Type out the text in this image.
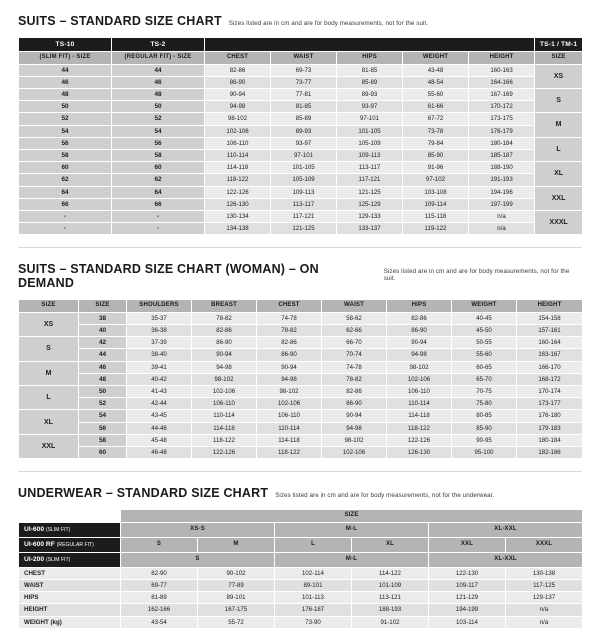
SUITS – STANDARD SIZE CHART Sizes listed are in cm and are for body measurements, not for the suit.
TS-10	TS-2						TS-1 / TM-1
(SLIM FIT) - SIZE	(REGULAR FIT) - SIZE	CHEST	WAIST	HIPS	WEIGHT	HEIGHT	SIZE
44	44	82-86	69-73	81-85	43-48	160-163	XS
46	46	86-90	73-77	85-89	48-54	164-166	
48	48	90-94	77-81	89-93	55-60	167-169	S
50	50	94-98	81-85	93-97	61-66	170-172	
52	52	98-102	85-89	97-101	67-72	173-175	M
54	54	102-106	89-93	101-105	73-78	176-179	
56	56	106-110	93-97	105-109	79-84	180-184	L
58	58	110-114	97-101	109-113	85-90	185-187	
60	60	114-118	101-105	113-117	91-96	188-190	XL
62	62	118-122	105-109	117-121	97-102	191-193	
64	64	122-126	109-113	121-125	103-108	194-196	XXL
66	66	126-130	113-117	125-129	109-114	197-199	
-	-	130-134	117-121	129-133	115-118	n/a	XXXL
-	-	134-138	121-125	133-137	119-122	n/a	
SUITS – STANDARD SIZE CHART (WOMAN) – ON DEMAND
Sizes listed are in cm and are for body measurements, not for the suit.
SIZE	SIZE	SHOULDERS	BREAST	CHEST	WAIST	HIPS	WEIGHT	HEIGHT
XS	38	35-37	78-82	74-78	58-62	82-86	40-45	154-158
	40	36-38	82-86	78-82	62-66	86-90	45-50	157-161
S	42	37-39	86-90	82-86	66-70	90-94	50-55	160-164
	44	38-40	90-94	86-90	70-74	94-98	55-60	163-167
M	46	39-41	94-98	90-94	74-78	98-102	60-65	166-170
	48	40-42	98-102	94-98	78-82	102-106	65-70	168-172
L	50	41-43	102-106	98-102	82-86	106-110	70-75	170-174
	52	42-44	106-110	102-106	86-90	110-114	75-80	173-177
XL	54	43-45	110-114	106-110	90-94	114-118	80-85	176-180
	56	44-46	114-118	110-114	94-98	118-122	85-90	179-183
XXL	58	45-48	118-122	114-118	98-102	122-126	90-95	180-184
	60	46-48	122-126	118-122	102-106	126-130	95-100	182-186
UNDERWEAR – STANDARD SIZE CHART Sizes listed are in cm and are for body measurements, not for the underwear.
	SIZE						
UI-600 (SLIM FIT)	XS-S		M-L		XL-XXL	
UI-600 RF (REGULAR FIT)	S	M	L	XL	XXL	XXXL	
UI-200 (SLIM FIT)	S		M-L		XL-XXL		
CHEST	82-90	90-102	102-114	114-122	122-130	130-138	
WAIST	69-77	77-89	89-101	101-109	109-117	117-125	
HIPS	81-89	89-101	101-113	113-121	121-129	129-137	
HEIGHT	162-166	167-175	176-187	188-193	194-199	n/a	
WEIGHT (kg)	43-54	55-72	73-90	91-102	103-114	n/a	
